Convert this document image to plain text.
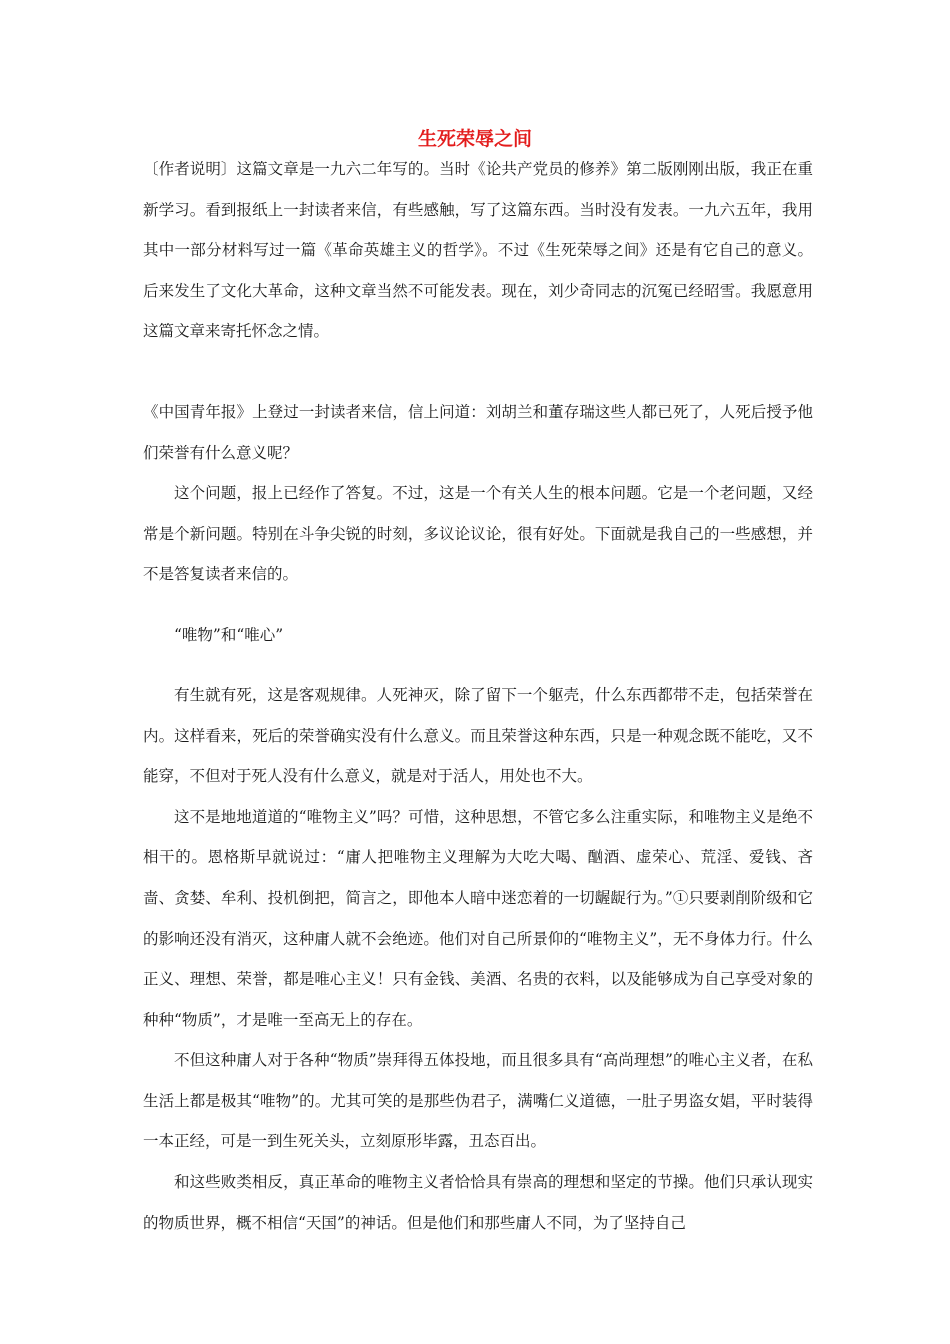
生死荣辱之间

〔作者说明〕这篇文章是一九六二年写的。当时《论共产党员的修养》第二版刚刚出版，我正在重新学习。看到报纸上一封读者来信，有些感触，写了这篇东西。当时没有发表。一九六五年，我用其中一部分材料写过一篇《革命英雄主义的哲学》。不过《生死荣辱之间》还是有它自己的意义。后来发生了文化大革命，这种文章当然不可能发表。现在，刘少奇同志的沉冤已经昭雪。我愿意用这篇文章来寄托怀念之情。

《中国青年报》上登过一封读者来信，信上问道：刘胡兰和董存瑞这些人都已死了，人死后授予他们荣誉有什么意义呢？

这个问题，报上已经作了答复。不过，这是一个有关人生的根本问题。它是一个老问题，又经常是个新问题。特别在斗争尖锐的时刻，多议论议论，很有好处。下面就是我自己的一些感想，并不是答复读者来信的。

“唯物”和“唯心”

有生就有死，这是客观规律。人死神灭，除了留下一个躯壳，什么东西都带不走，包括荣誉在内。这样看来，死后的荣誉确实没有什么意义。而且荣誉这种东西，只是一种观念既不能吃，又不能穿，不但对于死人没有什么意义，就是对于活人，用处也不大。

这不是地地道道的“唯物主义”吗？可惜，这种思想，不管它多么注重实际，和唯物主义是绝不相干的。恩格斯早就说过：“庸人把唯物主义理解为大吃大喝、酗酒、虚荣心、荒淫、爱钱、吝啬、贪婪、牟利、投机倒把，简言之，即他本人暗中迷恋着的一切龌龊行为。”①只要剥削阶级和它的影响还没有消灭，这种庸人就不会绝迹。他们对自己所景仰的“唯物主义”，无不身体力行。什么正义、理想、荣誉，都是唯心主义！只有金钱、美酒、名贵的衣料，以及能够成为自己享受对象的种种“物质”，才是唯一至高无上的存在。

不但这种庸人对于各种“物质”崇拜得五体投地，而且很多具有“高尚理想”的唯心主义者，在私生活上都是极其“唯物”的。尤其可笑的是那些伪君子，满嘴仁义道德，一肚子男盗女娼，平时装得一本正经，可是一到生死关头，立刻原形毕露，丑态百出。

和这些败类相反，真正革命的唯物主义者恰恰具有崇高的理想和坚定的节操。他们只承认现实的物质世界，概不相信“天国”的神话。但是他们和那些庸人不同，为了坚持自己
